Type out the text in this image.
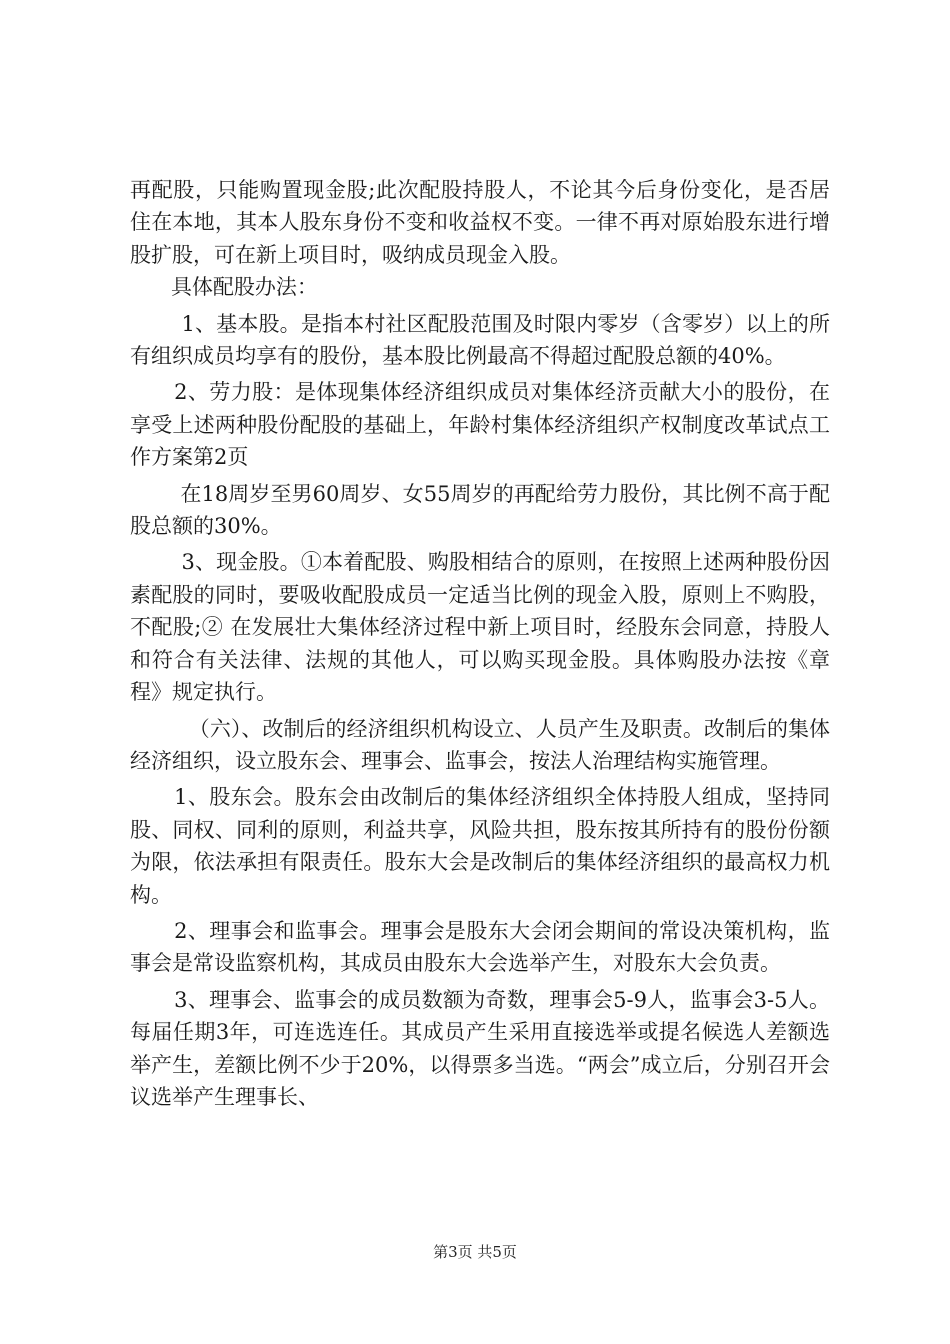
再配股，只能购置现金股;此次配股持股人，不论其今后身份变化，是否居住在本地，其本人股东身份不变和收益权不变。一律不再对原始股东进行增股扩股，可在新上项目时，吸纳成员现金入股。

具体配股办法：

1、基本股。是指本村社区配股范围及时限内零岁（含零岁）以上的所有组织成员均享有的股份，基本股比例最高不得超过配股总额的40%。

2、劳力股：是体现集体经济组织成员对集体经济贡献大小的股份，在享受上述两种股份配股的基础上，年龄村集体经济组织产权制度改革试点工作方案第2页

在18周岁至男60周岁、女55周岁的再配给劳力股份，其比例不高于配股总额的30%。

3、现金股。①本着配股、购股相结合的原则，在按照上述两种股份因素配股的同时，要吸收配股成员一定适当比例的现金入股，原则上不购股，不配股;② 在发展壮大集体经济过程中新上项目时，经股东会同意，持股人和符合有关法律、法规的其他人，可以购买现金股。具体购股办法按《章程》规定执行。

（六）、改制后的经济组织机构设立、人员产生及职责。改制后的集体经济组织，设立股东会、理事会、监事会，按法人治理结构实施管理。

1、股东会。股东会由改制后的集体经济组织全体持股人组成，坚持同股、同权、同利的原则，利益共享，风险共担，股东按其所持有的股份份额为限，依法承担有限责任。股东大会是改制后的集体经济组织的最高权力机构。

2、理事会和监事会。理事会是股东大会闭会期间的常设决策机构，监事会是常设监察机构，其成员由股东大会选举产生，对股东大会负责。

3、理事会、监事会的成员数额为奇数，理事会5-9人，监事会3-5人。每届任期3年，可连选连任。其成员产生采用直接选举或提名候选人差额选举产生，差额比例不少于20%，以得票多当选。“两会”成立后，分别召开会议选举产生理事长、

第3页 共5页
